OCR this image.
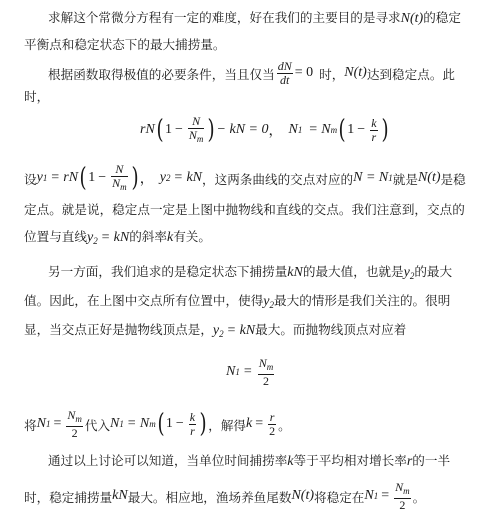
求解这个常微分方程有一定的难度，好在我们的主要目的是寻求N(t)的稳定
平衡点和稳定状态下的最大捕捞量。
根据函数取得极值的必要条件，当且仅当 $\frac{dN}{dt} = 0$ 时， N(t) 达到稳定点。此
时，
rN ( $1 - \frac{N}{N_m}$ ) − kN = 0 ， N 1 = N m ( $1 - \frac{k}{r}$ )
设 y 1 = rN ( $1 - \frac{N}{N_m}$ ) ， y 2 = kN ，这两条曲线的交点对应的 N = N 1 就是 N(t) 是稳
定点。就是说，稳定点一定是上图中抛物线和直线的交点。我们注意到，交点的
位置与直线$y_2$ = kN的斜率k有关。
另一方面，我们追求的是稳定状态下捕捞量kN的最大值，也就是$y_2$的最大
值。因此，在上图中交点所有位置中，使得$y_2$最大的情形是我们关注的。很明
显，当交点正好是抛物线顶点是，$y_2$ = kN最大。而抛物线顶点对应着
N $1 = \frac{N_m}{2}$
将 N $1 = \frac{N_m}{2}$ 代入 N 1 = N m ( $1 - \frac{k}{r}$ ) ，解得 $k = \frac{r}{2}$ 。
通过以上讨论可以知道，当单位时间捕捞率k等于平均相对增长率r的一半
时，稳定捕捞量 kN 最大。相应地，渔场养鱼尾数 N(t) 将稳定在 N $1 = \frac{N_m}{2}$ 。
